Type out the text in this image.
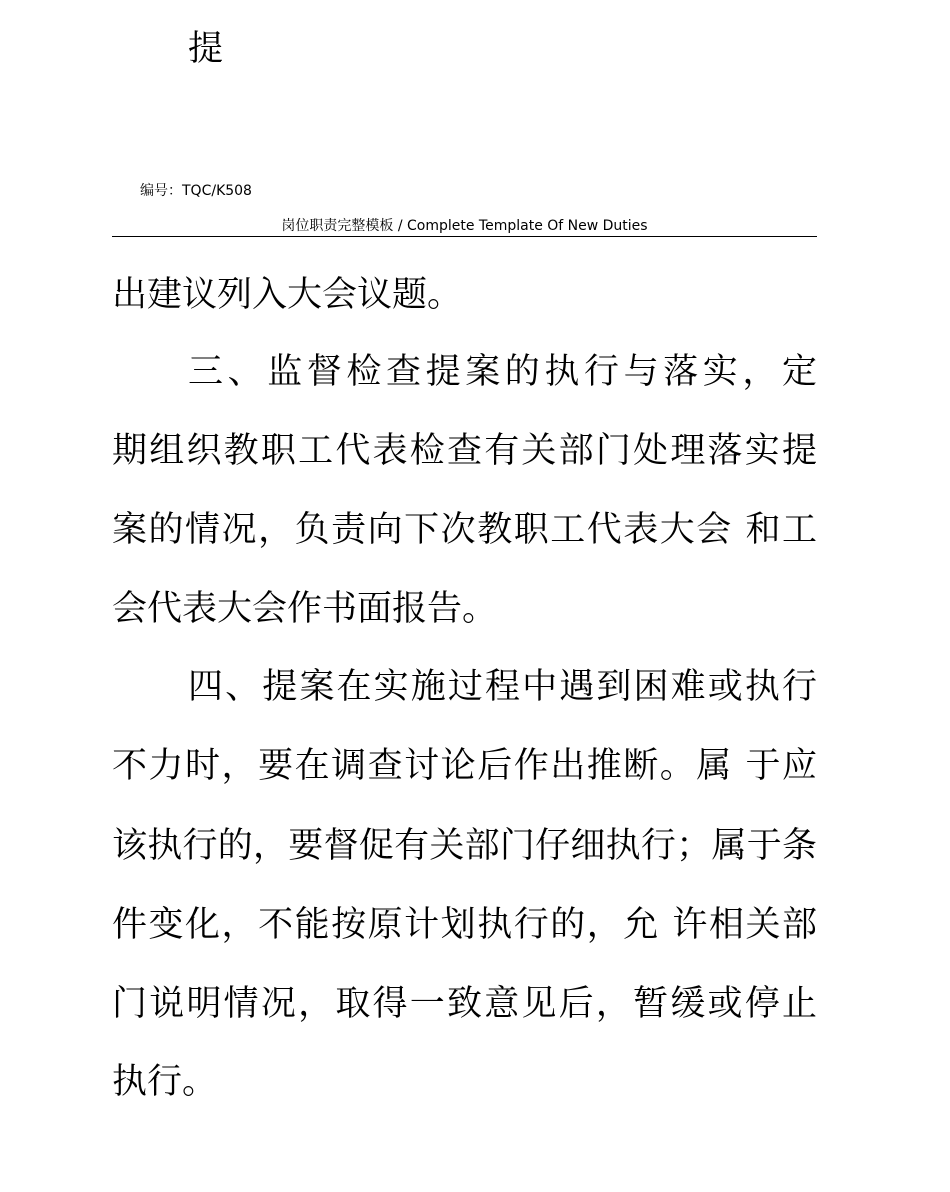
提
编号：TQC/K508
岗位职责完整模板 / Complete Template Of New Duties
出建议列入大会议题。
三、监督检查提案的执行与落实，定
期组织教职工代表检查有关部门处理落实提
案的情况，负责向下次教职工代表大会 和工
会代表大会作书面报告。
四、提案在实施过程中遇到困难或执行
不力时，要在调查讨论后作出推断。属 于应
该执行的，要督促有关部门仔细执行；属于条
件变化，不能按原计划执行的，允 许相关部
门说明情况，取得一致意见后，暂缓或停止
执行。
